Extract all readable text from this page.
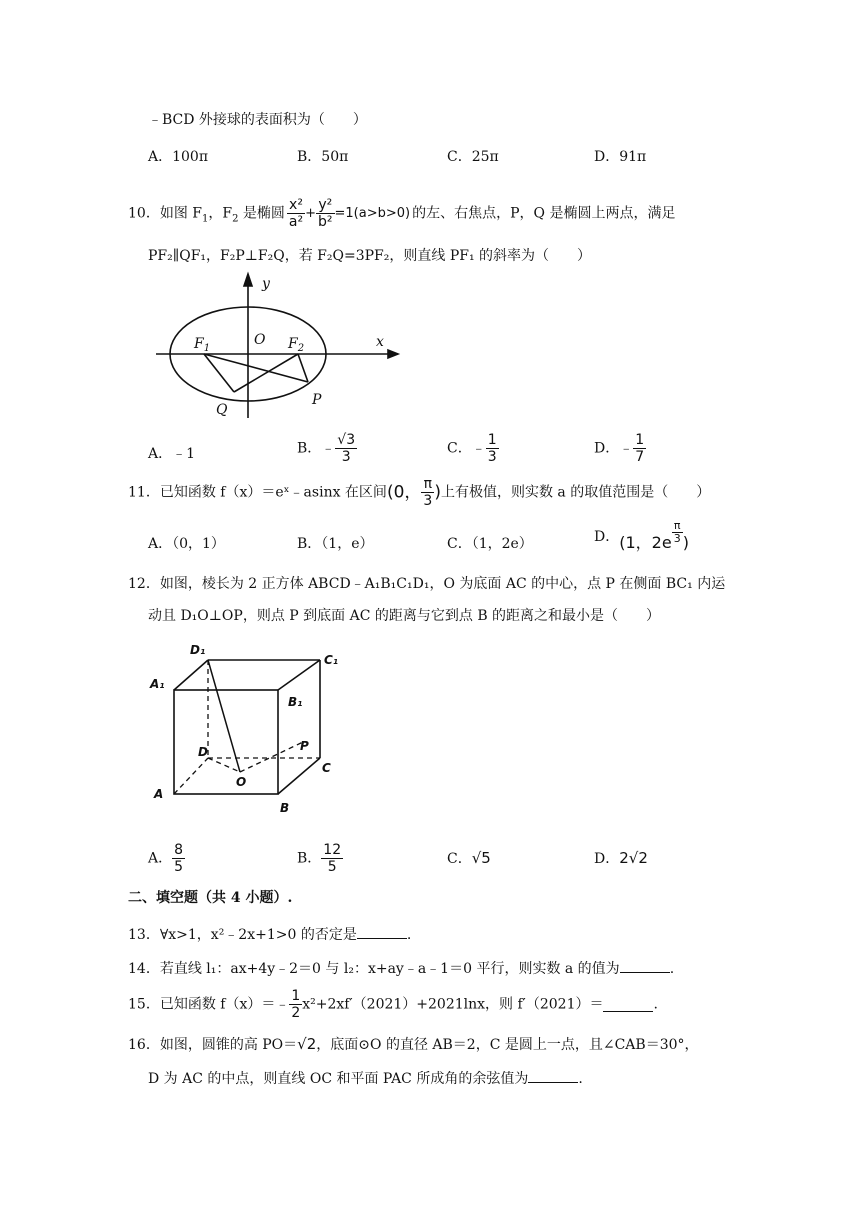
﹣BCD 外接球的表面积为（　　）
A．100π	B．50π	C．25π	D．91π
10．如图 $F_1$，$F_2$ 是椭圆 $\frac{\text{x²}}{\text{a²}} + \frac{\text{y²}}{\text{b²}} =1(a>b>0)$ 的左、右焦点，P，Q 是椭圆上两点，满足
PF₂∥QF₁，F₂P⊥F₂Q，若 F₂Q=3PF₂，则直线 PF₁ 的斜率为（　　）
y
x
O
$F_1$	$F_2$
Q
P
A．﹣1	B．﹣ $\frac{√3}{3}$	C．﹣ $\frac{1}{3}$	D．﹣ $\frac{1}{7}$
11．已知函数 f（x）＝eˣ﹣asinx 在区间(0， $\frac{\pi}{3}$ )上有极值，则实数 a 的取值范围是（　　）
A．（0，1）	B．（1，e）	C．（1，2e）	D．(1，$2e \frac{\pi}{3}$ )
12．如图，棱长为 2 正方体 ABCD﹣A₁B₁C₁D₁，O 为底面 AC 的中心，点 P 在侧面 BC₁ 内运
动且 D₁O⊥OP，则点 P 到底面 AC 的距离与它到点 B 的距离之和最小是（　　）
D₁
C₁
A₁
B₁
D	P
C
O
A
B
A． $\frac{8}{5}$	B． $\frac{12}{5}$	C．√5	D．2√2
二、填空题（共 4 小题）.
13．∀x>1，x²﹣2x+1>0 的否定是	.
14．若直线 l₁：ax+4y﹣2＝0 与 l₂：x+ay﹣a﹣1＝0 平行，则实数 a 的值为	.
15．已知函数 f（x）＝﹣ $\frac{1}{2} x^2+2xf'(2021)+2021\ln x$，则 f′（2021）＝	.
16．如图，圆锥的高 PO＝√2，底面⊙O 的直径 AB＝2，C 是圆上一点，且∠CAB＝30°，
D 为 AC 的中点，则直线 OC 和平面 PAC 所成角的余弦值为	.
